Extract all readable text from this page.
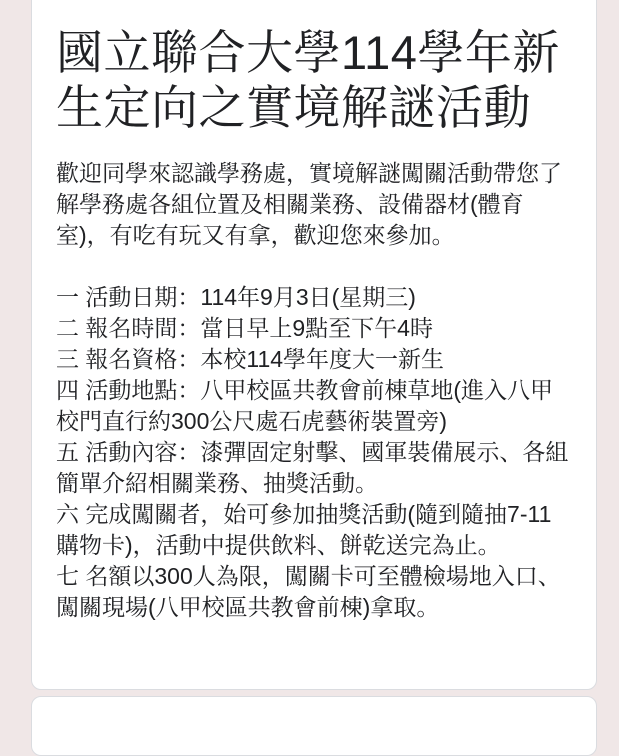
國立聯合大學114學年新生定向之實境解謎活動
歡迎同學來認識學務處，實境解謎闖關活動帶您了解學務處各組位置及相關業務、設備器材(體育室)，有吃有玩又有拿，歡迎您來參加。
一 活動日期：114年9月3日(星期三)
二 報名時間：當日早上9點至下午4時
三 報名資格：本校114學年度大一新生
四 活動地點：八甲校區共教會前棟草地(進入八甲校門直行約300公尺處石虎藝術裝置旁)
五 活動內容：漆彈固定射擊、國軍裝備展示、各組簡單介紹相關業務、抽獎活動。
六 完成闖關者，始可參加抽獎活動(隨到隨抽7-11購物卡)，活動中提供飲料、餅乾送完為止。
七 名額以300人為限，闖關卡可至體檢場地入口、闖關現場(八甲校區共教會前棟)拿取。
